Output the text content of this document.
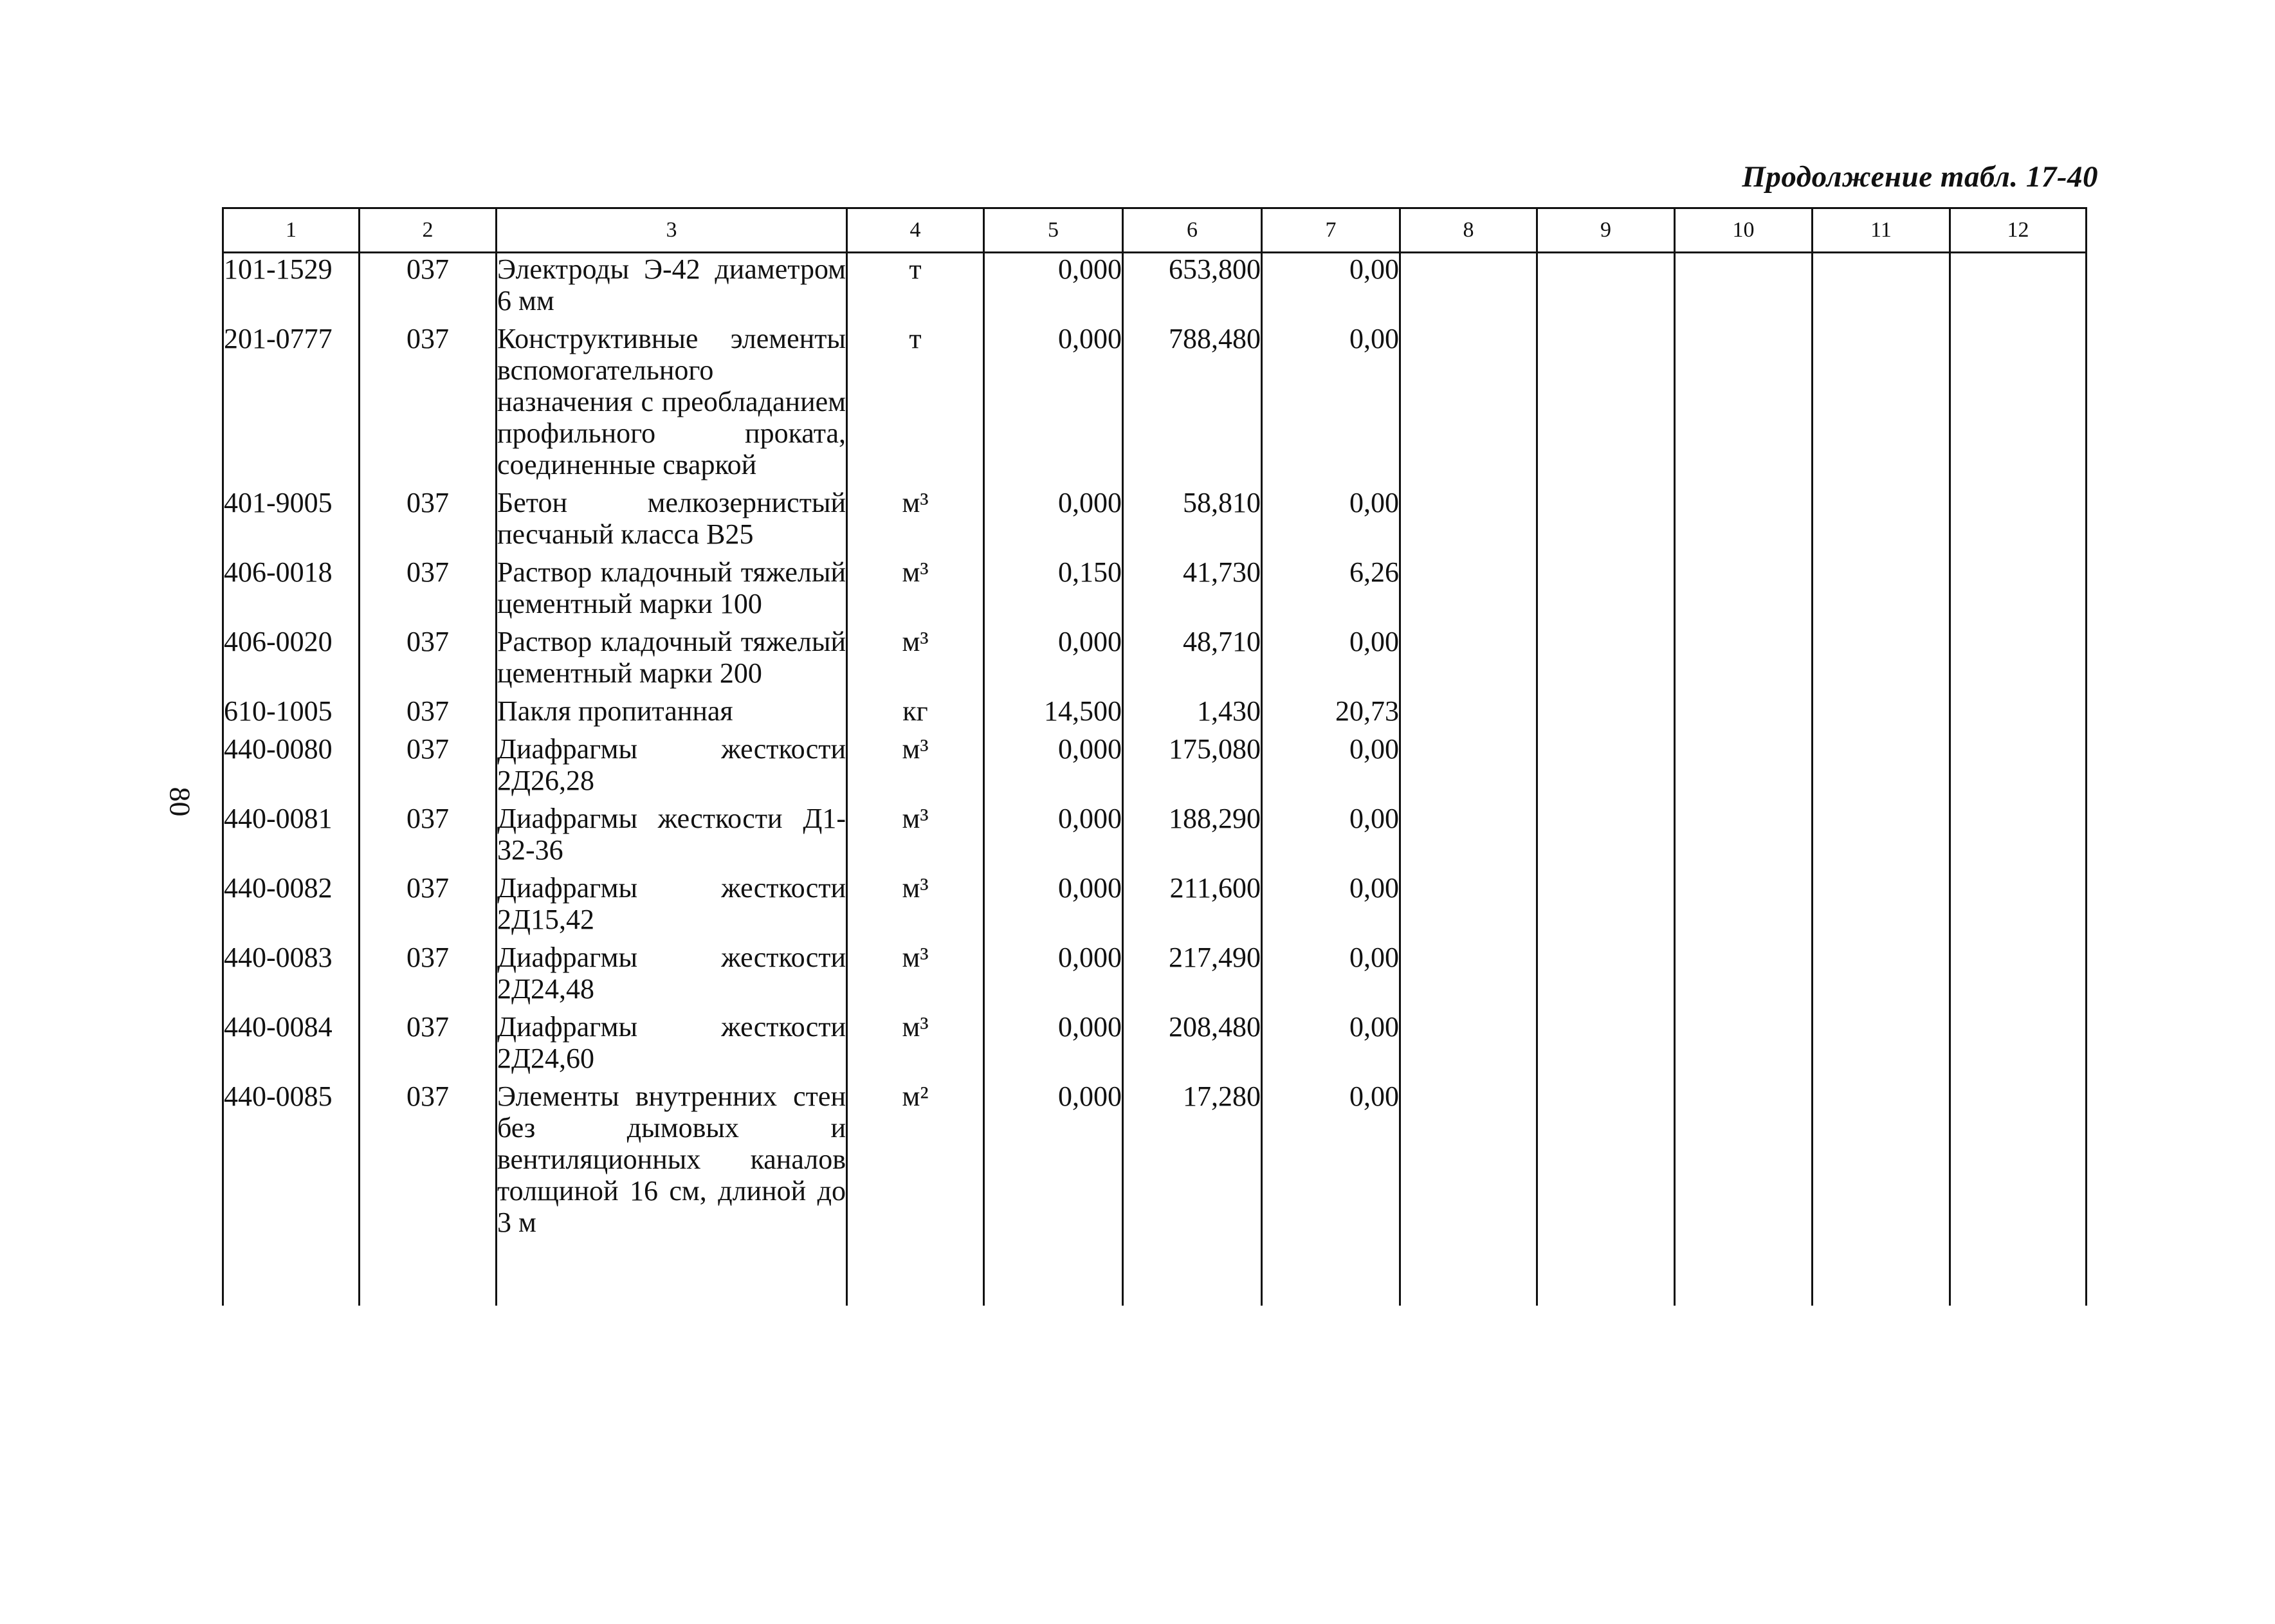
Продолжение табл. 17-40
80
1	2	3	4	5	6	7	8	9	10	11	12
101-1529	037	Электроды Э-42 диаметром 6 мм	т	0,000	653,800	0,00					
201-0777	037	Конструктивные элементы вспомогательного назначения с преобладанием профильного проката, соединенные сваркой	т	0,000	788,480	0,00					
401-9005	037	Бетон мелкозернистый песчаный класса В25	м³	0,000	58,810	0,00					
406-0018	037	Раствор кладочный тяжелый цементный марки 100	м³	0,150	41,730	6,26					
406-0020	037	Раствор кладочный тяжелый цементный марки 200	м³	0,000	48,710	0,00					
610-1005	037	Пакля пропитанная	кг	14,500	1,430	20,73					
440-0080	037	Диафрагмы жесткости 2Д26,28	м³	0,000	175,080	0,00					
440-0081	037	Диафрагмы жесткости Д1-32-36	м³	0,000	188,290	0,00					
440-0082	037	Диафрагмы жесткости 2Д15,42	м³	0,000	211,600	0,00					
440-0083	037	Диафрагмы жесткости 2Д24,48	м³	0,000	217,490	0,00					
440-0084	037	Диафрагмы жесткости 2Д24,60	м³	0,000	208,480	0,00					
440-0085	037	Элементы внутренних стен без дымовых и вентиляционных каналов толщиной 16 см, длиной до 3 м	м²	0,000	17,280	0,00					
